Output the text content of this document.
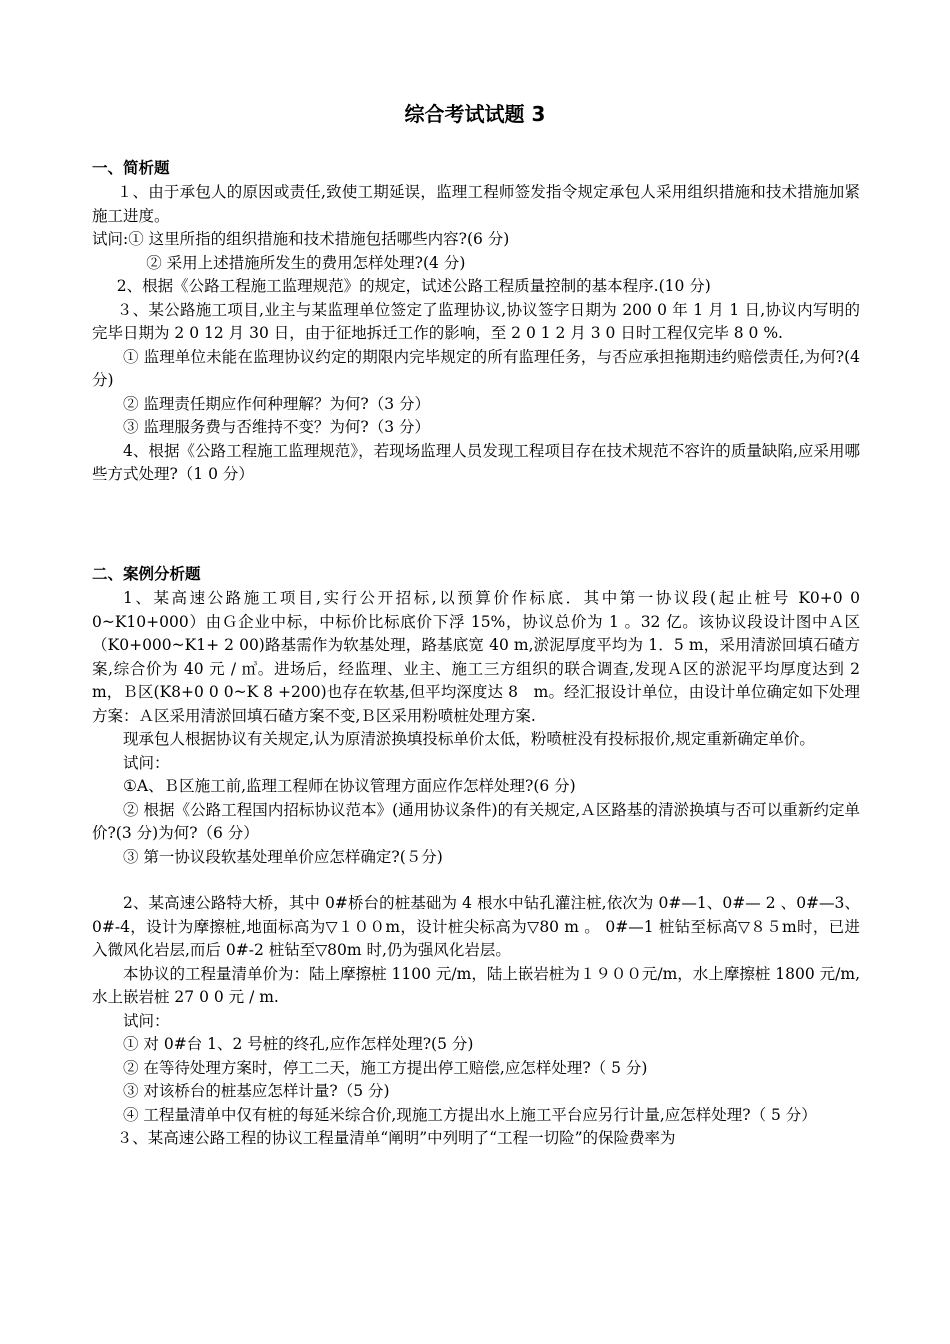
综合考试试题 3
一、简析题

１、由于承包人的原因或责任,致使工期延误，监理工程师签发指令规定承包人采用组织措施和技术措施加紧施工进度。

试问:① 这里所指的组织措施和技术措施包括哪些内容?(6 分)

② 采用上述措施所发生的费用怎样处理?(4 分)

2、根据《公路工程施工监理规范》的规定，试述公路工程质量控制的基本程序.(10 分)

３、某公路施工项目,业主与某监理单位签定了监理协议,协议签字日期为 200 0 年 1 月 1 日,协议内写明的完毕日期为 2 0 12 月 30 日，由于征地拆迁工作的影响，至 2 0 1 2 月 3 0 日时工程仅完毕 8 0 %.

① 监理单位未能在监理协议约定的期限内完毕规定的所有监理任务，与否应承担拖期违约赔偿责任,为何?(4 分)

② 监理责任期应作何种理解？为何?（3 分）

③ 监理服务费与否维持不变？为何?（3 分）

4、根据《公路工程施工监理规范》，若现场监理人员发现工程项目存在技术规范不容许的质量缺陷,应采用哪些方式处理?（1 0 分）

二、案例分析题

1、某高速公路施工项目,实行公开招标,以预算价作标底．其中第一协议段(起止桩号 K0+0 0 0~K10+000）由Ｇ企业中标，中标价比标底价下浮 15%，协议总价为 1 。32 亿。该协议段设计图中Ａ区（K0+000~K1+ 2 00)路基需作为软基处理，路基底宽 40 m,淤泥厚度平均为 1．5 m，采用清淤回填石碴方案,综合价为 40 元 / ㎥。进场后，经监理、业主、施工三方组织的联合调查,发现Ａ区的淤泥平均厚度达到 2　m，Ｂ区(K8+0 0 0~K 8 +200)也存在软基,但平均深度达 8　m。经汇报设计单位，由设计单位确定如下处理方案：Ａ区采用清淤回填石碴方案不变,Ｂ区采用粉喷桩处理方案.

现承包人根据协议有关规定,认为原清淤换填投标单价太低，粉喷桩没有投标报价,规定重新确定单价。

试问：

①A、Ｂ区施工前,监理工程师在协议管理方面应作怎样处理?(6 分)

② 根据《公路工程国内招标协议范本》(通用协议条件)的有关规定,Ａ区路基的清淤换填与否可以重新约定单价?(3 分)为何?（6 分）

③ 第一协议段软基处理单价应怎样确定?(５分)

2、某高速公路特大桥，其中 0#桥台的桩基础为 4 根水中钻孔灌注桩,依次为 0#—1、0#— 2 、0#—3、0#-4，设计为摩擦桩,地面标高为▽１００m，设计桩尖标高为▽80 m 。 0#—1 桩钻至标高▽８５m时，已进入微风化岩层,而后 0#-2 桩钻至▽80m 时,仍为强风化岩层。

本协议的工程量清单价为：陆上摩擦桩 1100 元/m，陆上嵌岩桩为１９００元/m，水上摩擦桩 1800 元/m,水上嵌岩桩 27 0 0 元 / m.

试问：

① 对 0#台 1、2 号桩的终孔,应作怎样处理?(5 分)

② 在等待处理方案时，停工二天，施工方提出停工赔偿,应怎样处理?（ 5 分)

③ 对该桥台的桩基应怎样计量?（5 分)

④ 工程量清单中仅有桩的每延米综合价,现施工方提出水上施工平台应另行计量,应怎样处理?（ 5 分）

３、某高速公路工程的协议工程量清单“阐明”中列明了“工程一切险”的保险费率为
